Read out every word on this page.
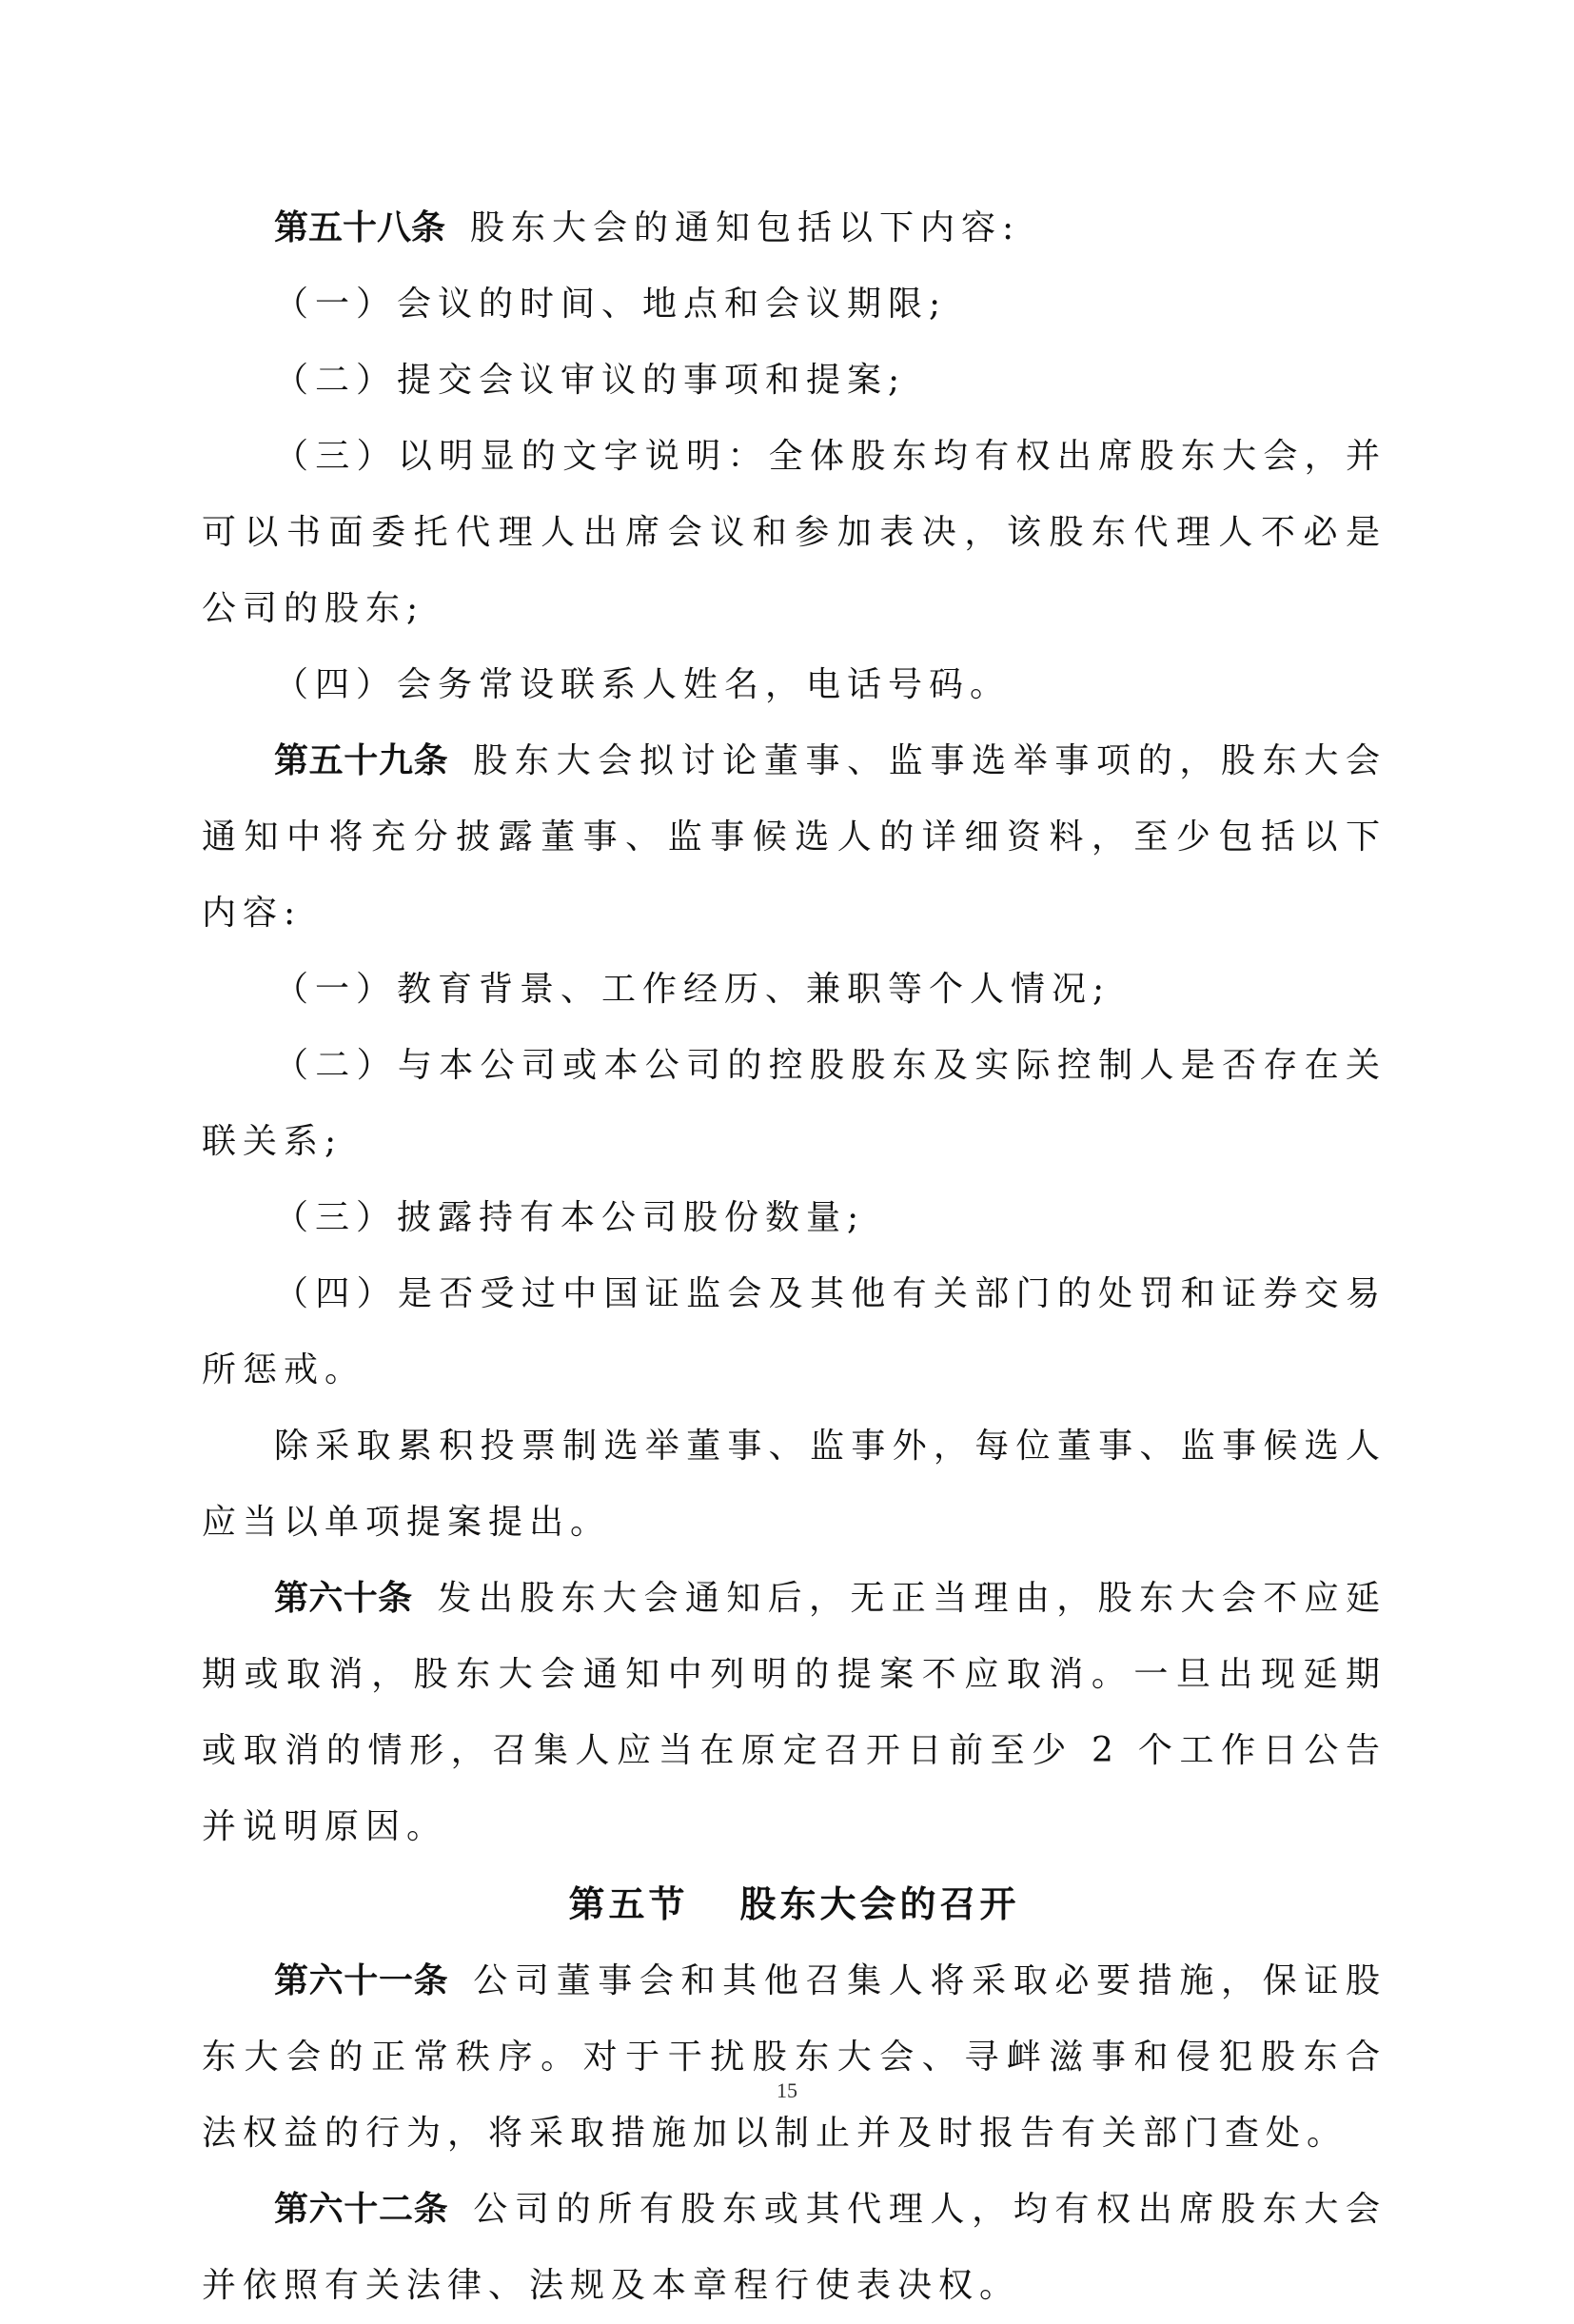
第五十八条 股东大会的通知包括以下内容:

（一）会议的时间、地点和会议期限;

（二）提交会议审议的事项和提案;

（三）以明显的文字说明：全体股东均有权出席股东大会，并可以书面委托代理人出席会议和参加表决，该股东代理人不必是公司的股东;

（四）会务常设联系人姓名，电话号码。

第五十九条 股东大会拟讨论董事、监事选举事项的，股东大会通知中将充分披露董事、监事候选人的详细资料，至少包括以下内容:

（一）教育背景、工作经历、兼职等个人情况;

（二）与本公司或本公司的控股股东及实际控制人是否存在关联关系;

（三）披露持有本公司股份数量;

（四）是否受过中国证监会及其他有关部门的处罚和证券交易所惩戒。

除采取累积投票制选举董事、监事外，每位董事、监事候选人应当以单项提案提出。

第六十条 发出股东大会通知后，无正当理由，股东大会不应延期或取消，股东大会通知中列明的提案不应取消。一旦出现延期或取消的情形，召集人应当在原定召开日前至少 2 个工作日公告并说明原因。

第五节 股东大会的召开

第六十一条 公司董事会和其他召集人将采取必要措施，保证股东大会的正常秩序。对于干扰股东大会、寻衅滋事和侵犯股东合法权益的行为，将采取措施加以制止并及时报告有关部门查处。

第六十二条 公司的所有股东或其代理人，均有权出席股东大会并依照有关法律、法规及本章程行使表决权。

15
